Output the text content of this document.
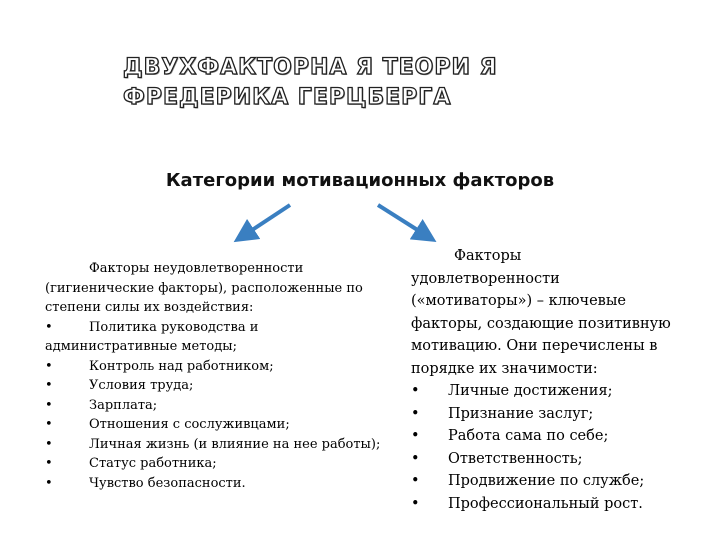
ДВУХФАКТОРНА Я ТЕОРИ Я
ФРЕДЕРИКА ГЕРЦБЕРГА
Категории мотивационных факторов
Факторы неудовлетворенности
(гигиенические факторы), расположенные по
степени силы их воздействия:
•	Политика руководства и
административные методы;
•	Контроль над работником;
•	Условия труда;
•	Зарплата;
•	Отношения с сослуживцами;
•	Личная жизнь (и влияние на нее работы);
•	Статус работника;
•	Чувство безопасности.
Факторы
удовлетворенности
(«мотиваторы») – ключевые
факторы, создающие позитивную
мотивацию. Они перечислены в
порядке их значимости:
•	Личные достижения;
•	Признание заслуг;
•	Работа сама по себе;
•	Ответственность;
•	Продвижение по службе;
•	Профессиональный рост.
